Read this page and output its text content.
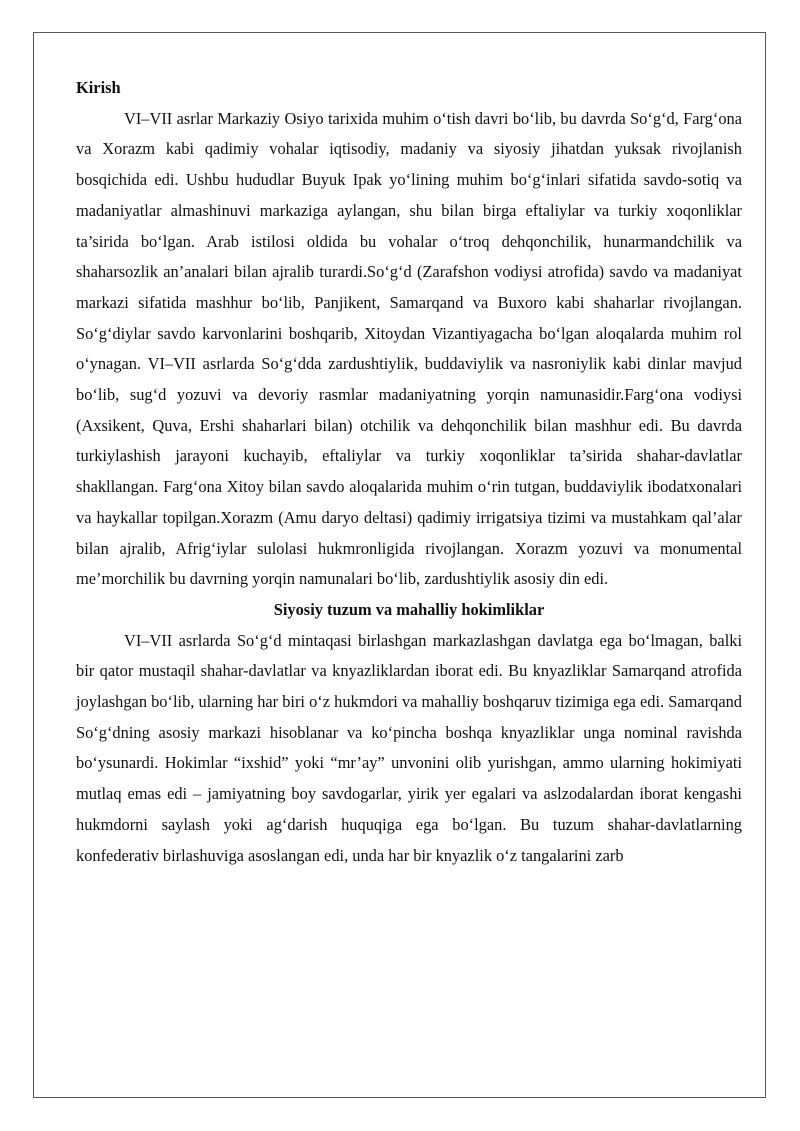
Kirish

VI–VII asrlar Markaziy Osiyo tarixida muhim o‘tish davri bo‘lib, bu davrda So‘g‘d, Farg‘ona va Xorazm kabi qadimiy vohalar iqtisodiy, madaniy va siyosiy jihatdan yuksak rivojlanish bosqichida edi. Ushbu hududlar Buyuk Ipak yo‘lining muhim bo‘g‘inlari sifatida savdo-sotiq va madaniyatlar almashinuvi markaziga aylangan, shu bilan birga eftaliylar va turkiy xoqonliklar ta’sirida bo‘lgan. Arab istilosi oldida bu vohalar o‘troq dehqonchilik, hunarmandchilik va shaharsozlik an’analari bilan ajralib turardi.So‘g‘d (Zarafshon vodiysi atrofida) savdo va madaniyat markazi sifatida mashhur bo‘lib, Panjikent, Samarqand va Buxoro kabi shaharlar rivojlangan. So‘g‘diylar savdo karvonlarini boshqarib, Xitoydan Vizantiyagacha bo‘lgan aloqalarda muhim rol o‘ynagan. VI–VII asrlarda So‘g‘dda zardushtiylik, buddaviylik va nasroniylik kabi dinlar mavjud bo‘lib, sug‘d yozuvi va devoriy rasmlar madaniyatning yorqin namunasidir.Farg‘ona vodiysi (Axsikent, Quva, Ershi shaharlari bilan) otchilik va dehqonchilik bilan mashhur edi. Bu davrda turkiylashish jarayoni kuchayib, eftaliylar va turkiy xoqonliklar ta’sirida shahar-davlatlar shakllangan. Farg‘ona Xitoy bilan savdo aloqalarida muhim o‘rin tutgan, buddaviylik ibodatxonalari va haykallar topilgan.Xorazm (Amu daryo deltasi) qadimiy irrigatsiya tizimi va mustahkam qal’alar bilan ajralib, Afrig‘iylar sulolasi hukmronligida rivojlangan. Xorazm yozuvi va monumental me’morchilik bu davrning yorqin namunalari bo‘lib, zardushtiylik asosiy din edi.

Siyosiy tuzum va mahalliy hokimliklar

VI–VII asrlarda So‘g‘d mintaqasi birlashgan markazlashgan davlatga ega bo‘lmagan, balki bir qator mustaqil shahar-davlatlar va knyazliklardan iborat edi. Bu knyazliklar Samarqand atrofida joylashgan bo‘lib, ularning har biri o‘z hukmdori va mahalliy boshqaruv tizimiga ega edi. Samarqand So‘g‘dning asosiy markazi hisoblanar va ko‘pincha boshqa knyazliklar unga nominal ravishda bo‘ysunardi. Hokimlar “ixshid” yoki “mr’ay” unvonini olib yurishgan, ammo ularning hokimiyati mutlaq emas edi – jamiyatning boy savdogarlar, yirik yer egalari va aslzodalardan iborat kengashi hukmdorni saylash yoki ag‘darish huquqiga ega bo‘lgan. Bu tuzum shahar-davlatlarning konfederativ birlashuviga asoslangan edi, unda har bir knyazlik o‘z tangalarini zarb
